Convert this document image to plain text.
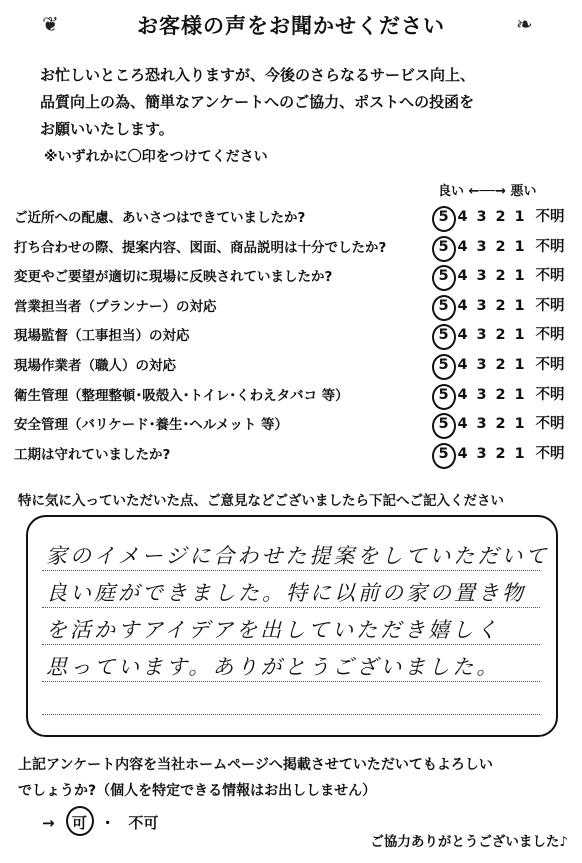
❦	お客様の声をお聞かせください	❧
お忙しいところ恐れ入りますが、今後のさらなるサービス向上、
品質向上の為、簡単なアンケートへのご協力、ポストへの投函を
お願いいたします。
※いずれかに〇印をつけてください
良い ←──→ 悪い
ご近所への配慮、あいさつはできていましたか?	5 4 3 2 1 不明
打ち合わせの際、提案内容、図面、商品説明は十分でしたか?	5 4 3 2 1 不明
変更やご要望が適切に現場に反映されていましたか?	5 4 3 2 1 不明
営業担当者（プランナー）の対応	5 4 3 2 1 不明
現場監督（工事担当）の対応	5 4 3 2 1 不明
現場作業者（職人）の対応	5 4 3 2 1 不明
衛生管理（整理整頓･吸殻入･トイレ･くわえタバコ 等）	5 4 3 2 1 不明
安全管理（バリケード･養生･ヘルメット 等）	5 4 3 2 1 不明
工期は守れていましたか?	5 4 3 2 1 不明
特に気に入っていただいた点、ご意見などございましたら下記へご記入ください
家のイメージに合わせた提案をしていただいて
良い庭ができました。特に以前の家の置き物
を活かすアイデアを出していただき嬉しく
思っています。ありがとうございました。
上記アンケート内容を当社ホームページへ掲載させていただいてもよろしい
でしょうか?（個人を特定できる情報はお出ししません）
→ 可 ・ 不可
ご協力ありがとうございました♪
